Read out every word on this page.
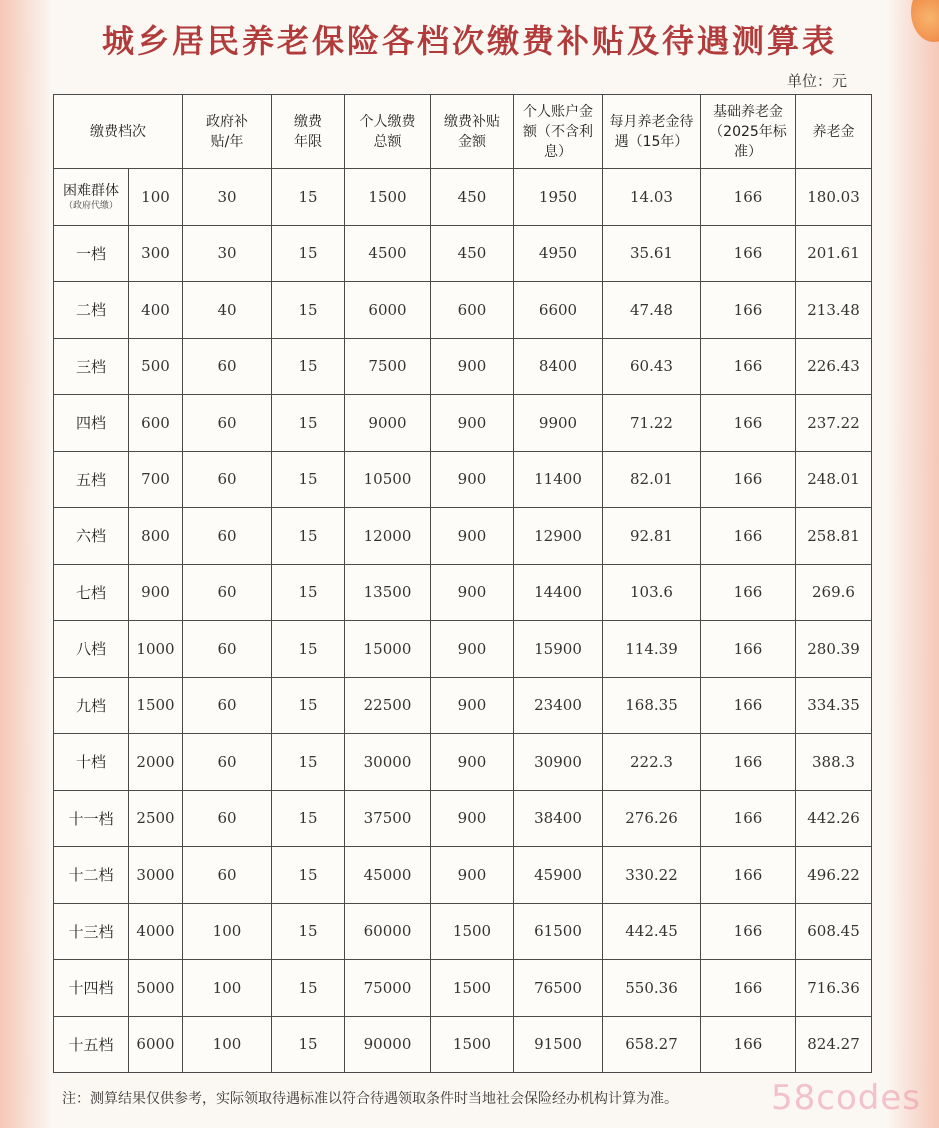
城乡居民养老保险各档次缴费补贴及待遇测算表
单位：元
缴费档次		政府补贴/年	缴费年限	个人缴费总额	缴费补贴金额	个人账户金额（不含利息）	每月养老金待遇（15年）	基础养老金（2025年标准）	养老金

困难群体
（政府代缴）	100	30	15	1500	450	1950	14.03	166	180.03
一档	300	30	15	4500	450	4950	35.61	166	201.61
二档	400	40	15	6000	600	6600	47.48	166	213.48
三档	500	60	15	7500	900	8400	60.43	166	226.43
四档	600	60	15	9000	900	9900	71.22	166	237.22
五档	700	60	15	10500	900	11400	82.01	166	248.01
六档	800	60	15	12000	900	12900	92.81	166	258.81
七档	900	60	15	13500	900	14400	103.6	166	269.6
八档	1000	60	15	15000	900	15900	114.39	166	280.39
九档	1500	60	15	22500	900	23400	168.35	166	334.35
十档	2000	60	15	30000	900	30900	222.3	166	388.3
十一档	2500	60	15	37500	900	38400	276.26	166	442.26
十二档	3000	60	15	45000	900	45900	330.22	166	496.22
十三档	4000	100	15	60000	1500	61500	442.45	166	608.45
十四档	5000	100	15	75000	1500	76500	550.36	166	716.36
十五档	6000	100	15	90000	1500	91500	658.27	166	824.27
注：测算结果仅供参考，实际领取待遇标准以符合待遇领取条件时当地社会保险经办机构计算为准。	58codes
